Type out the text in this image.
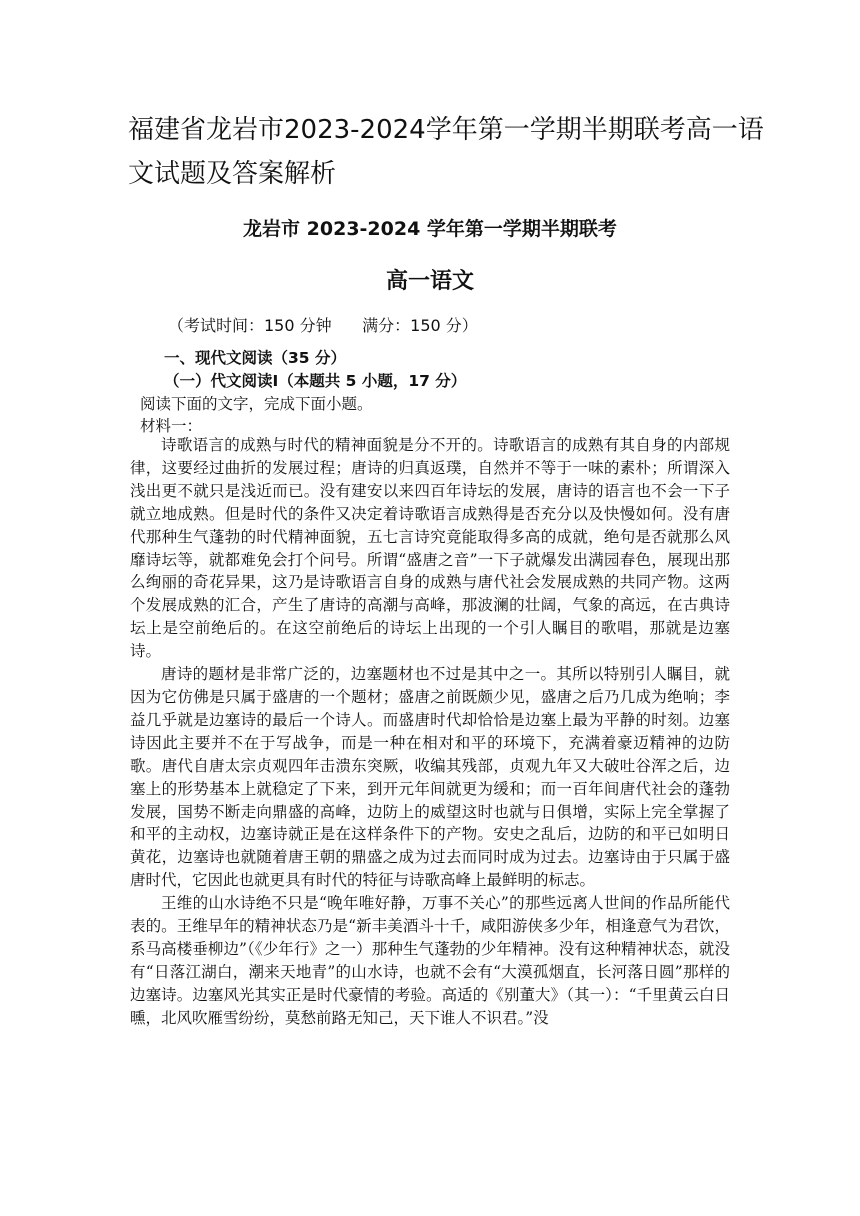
福建省龙岩市2023-2024学年第一学期半期联考高一语文试题及答案解析
龙岩市 2023-2024 学年第一学期半期联考
高一语文

（考试时间：150 分钟      满分：150 分）

一、现代文阅读（35 分）

（一）代文阅读Ⅰ（本题共 5 小题，17 分）

阅读下面的文字，完成下面小题。

材料一：

诗歌语言的成熟与时代的精神面貌是分不开的。诗歌语言的成熟有其自身的内部规律，这要经过曲折的发展过程；唐诗的归真返璞，自然并不等于一味的素朴；所谓深入浅出更不就只是浅近而已。没有建安以来四百年诗坛的发展，唐诗的语言也不会一下子就立地成熟。但是时代的条件又决定着诗歌语言成熟得是否充分以及快慢如何。没有唐代那种生气蓬勃的时代精神面貌，五七言诗究竟能取得多高的成就，绝句是否就那么风靡诗坛等，就都难免会打个问号。所谓“盛唐之音”一下子就爆发出满园春色，展现出那么绚丽的奇花异果，这乃是诗歌语言自身的成熟与唐代社会发展成熟的共同产物。这两个发展成熟的汇合，产生了唐诗的高潮与高峰，那波澜的壮阔，气象的高远，在古典诗坛上是空前绝后的。在这空前绝后的诗坛上出现的一个引人瞩目的歌唱，那就是边塞诗。

唐诗的题材是非常广泛的，边塞题材也不过是其中之一。其所以特别引人瞩目，就因为它仿佛是只属于盛唐的一个题材；盛唐之前既颇少见，盛唐之后乃几成为绝响；李益几乎就是边塞诗的最后一个诗人。而盛唐时代却恰恰是边塞上最为平静的时刻。边塞诗因此主要并不在于写战争，而是一种在相对和平的环境下，充满着豪迈精神的边防歌。唐代自唐太宗贞观四年击溃东突厥，收编其残部，贞观九年又大破吐谷浑之后，边塞上的形势基本上就稳定了下来，到开元年间就更为缓和；而一百年间唐代社会的蓬勃发展，国势不断走向鼎盛的高峰，边防上的威望这时也就与日俱增，实际上完全掌握了和平的主动权，边塞诗就正是在这样条件下的产物。安史之乱后，边防的和平已如明日黄花，边塞诗也就随着唐王朝的鼎盛之成为过去而同时成为过去。边塞诗由于只属于盛唐时代，它因此也就更具有时代的特征与诗歌高峰上最鲜明的标志。

王维的山水诗绝不只是“晚年唯好静，万事不关心”的那些远离人世间的作品所能代表的。王维早年的精神状态乃是“新丰美酒斗十千，咸阳游侠多少年，相逢意气为君饮，系马高楼垂柳边”（《少年行》之一）那种生气蓬勃的少年精神。没有这种精神状态，就没有“日落江湖白，潮来天地青”的山水诗，也就不会有“大漠孤烟直，长河落日圆”那样的边塞诗。边塞风光其实正是时代豪情的考验。高适的《别董大》（其一）：“千里黄云白日曛，北风吹雁雪纷纷，莫愁前路无知己，天下谁人不识君。”没
